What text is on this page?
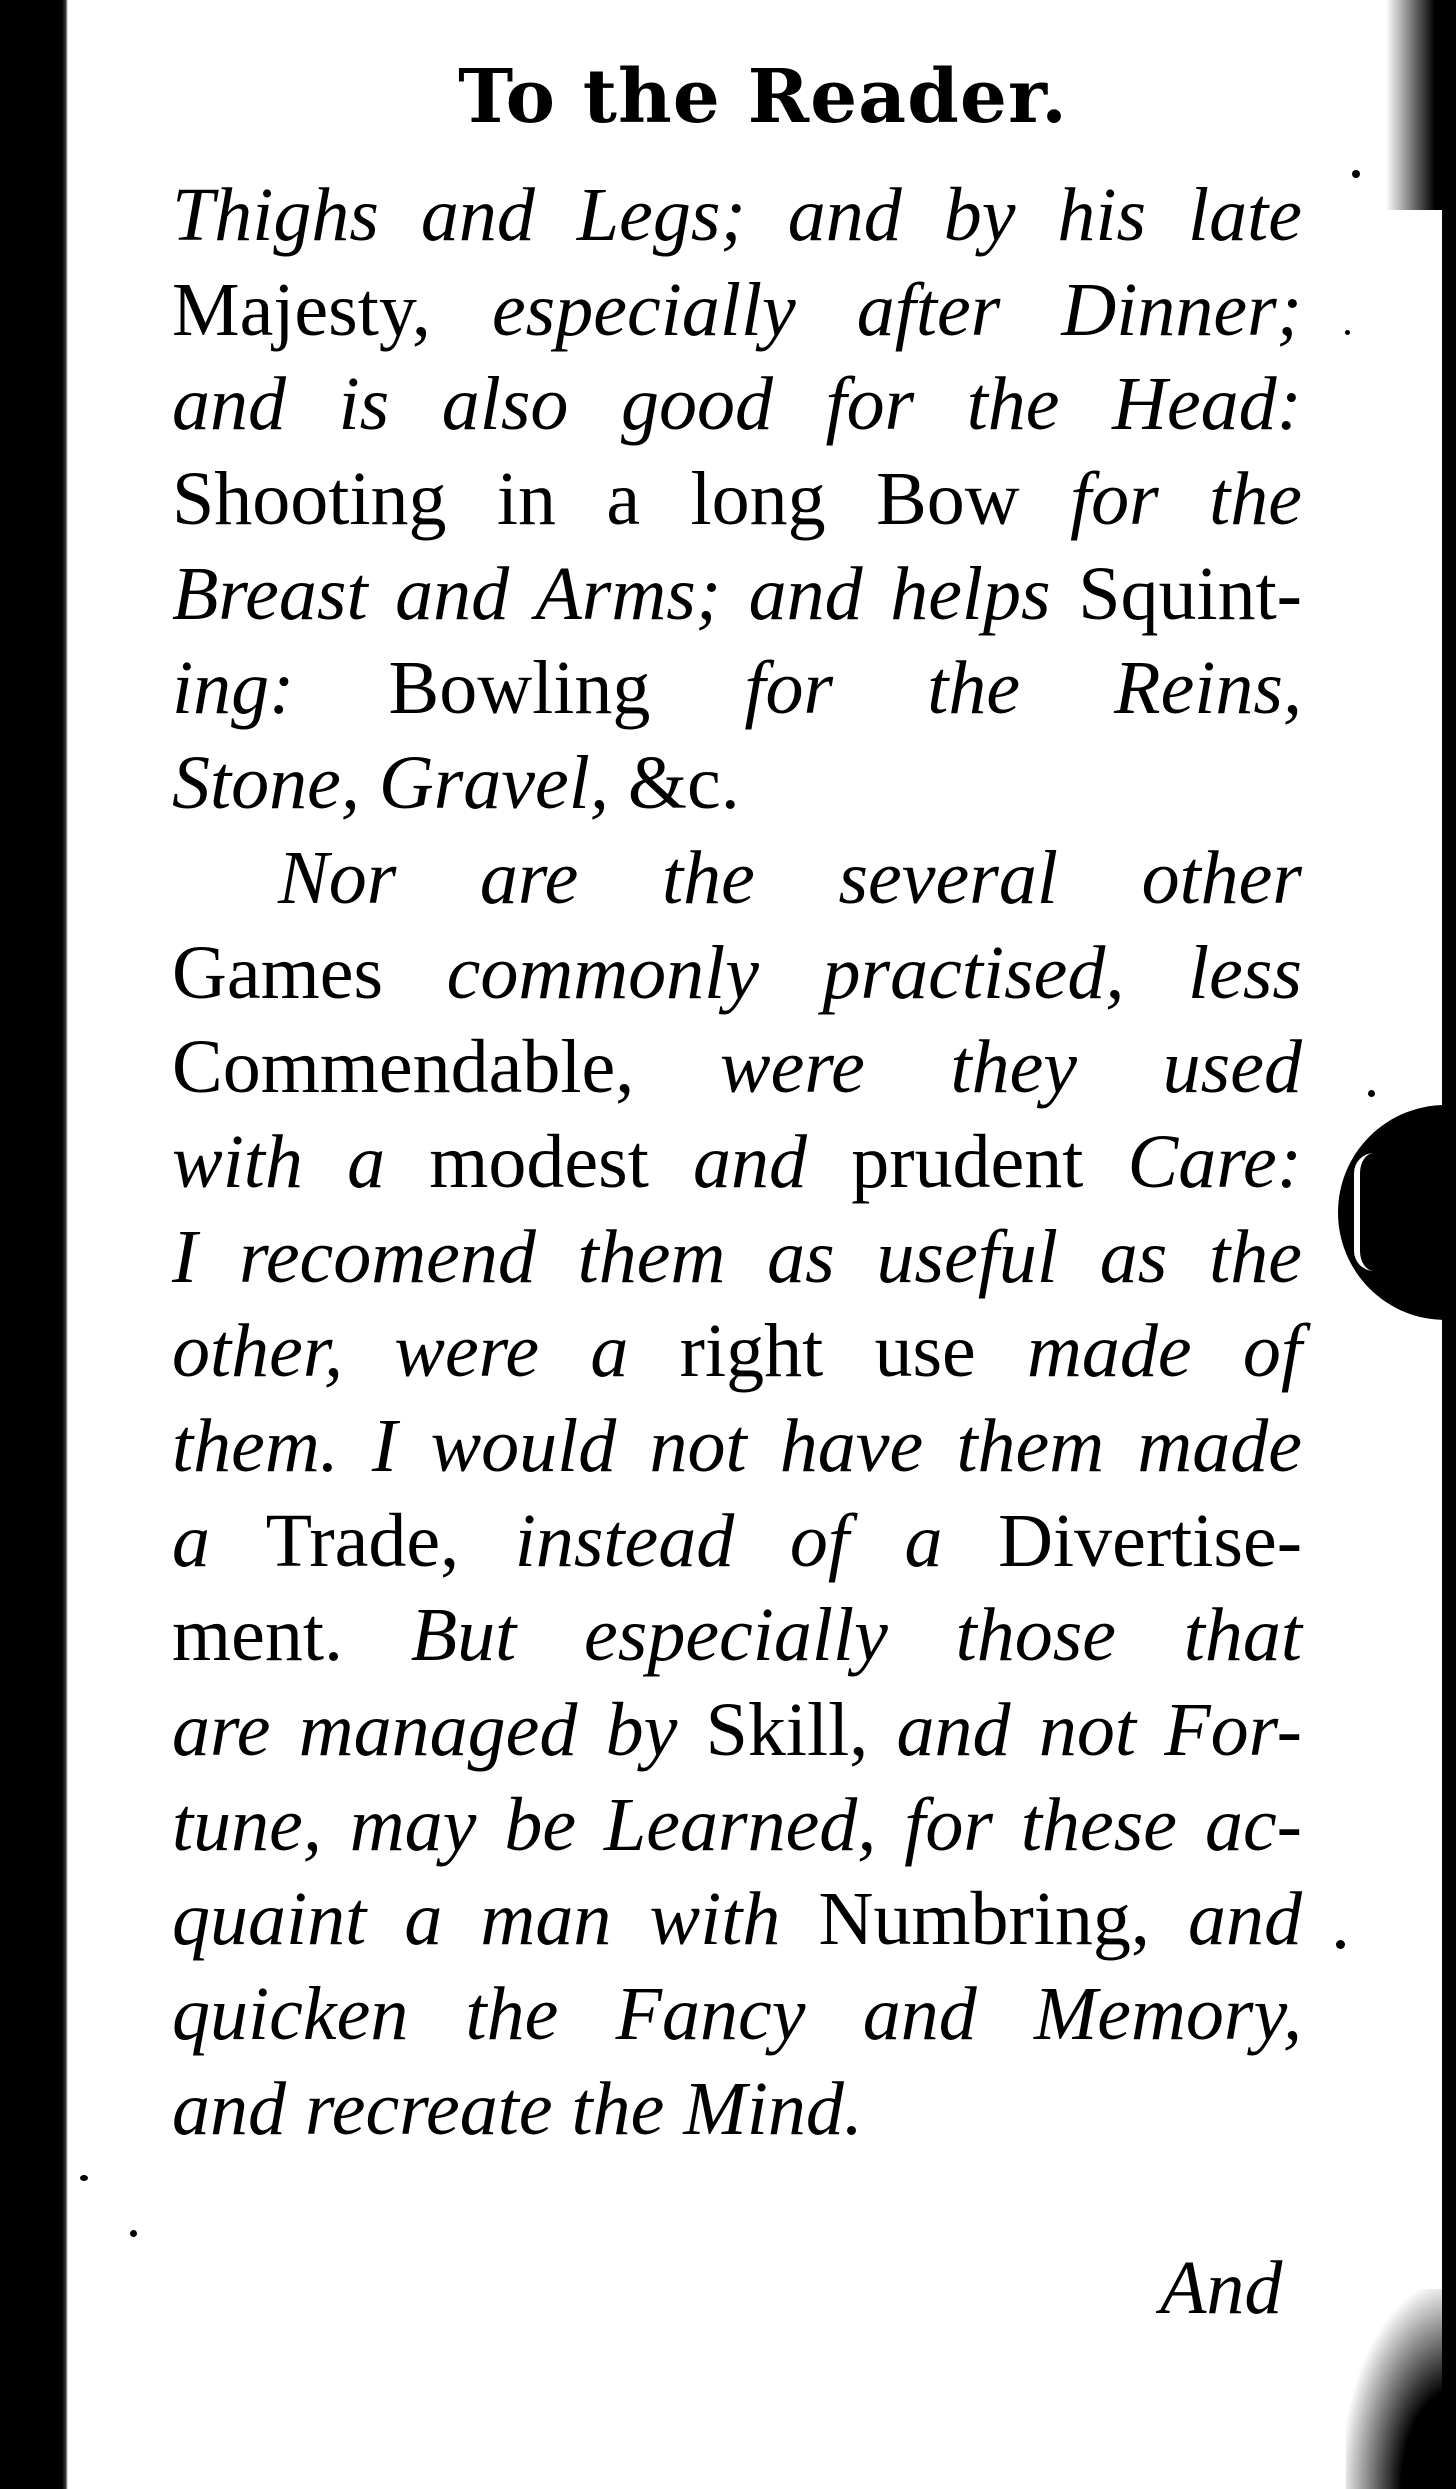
To the Reader.
Thighs and Legs; and by his late
Majesty, especially after Dinner;
and is also good for the Head:
Shooting in a long Bow for the
Breast and Arms; and helps Squint-
ing: Bowling for the Reins,
Stone, Gravel, &c.
Nor are the several other
Games commonly practised, less
Commendable, were they used
with a modest and prudent Care:
I recomend them as useful as the
other, were a right use made of
them. I would not have them made
a Trade, instead of a Divertise-
ment. But especially those that
are managed by Skill, and not For-
tune, may be Learned, for these ac-
quaint a man with Numbring, and
quicken the Fancy and Memory,
and recreate the Mind.
And
